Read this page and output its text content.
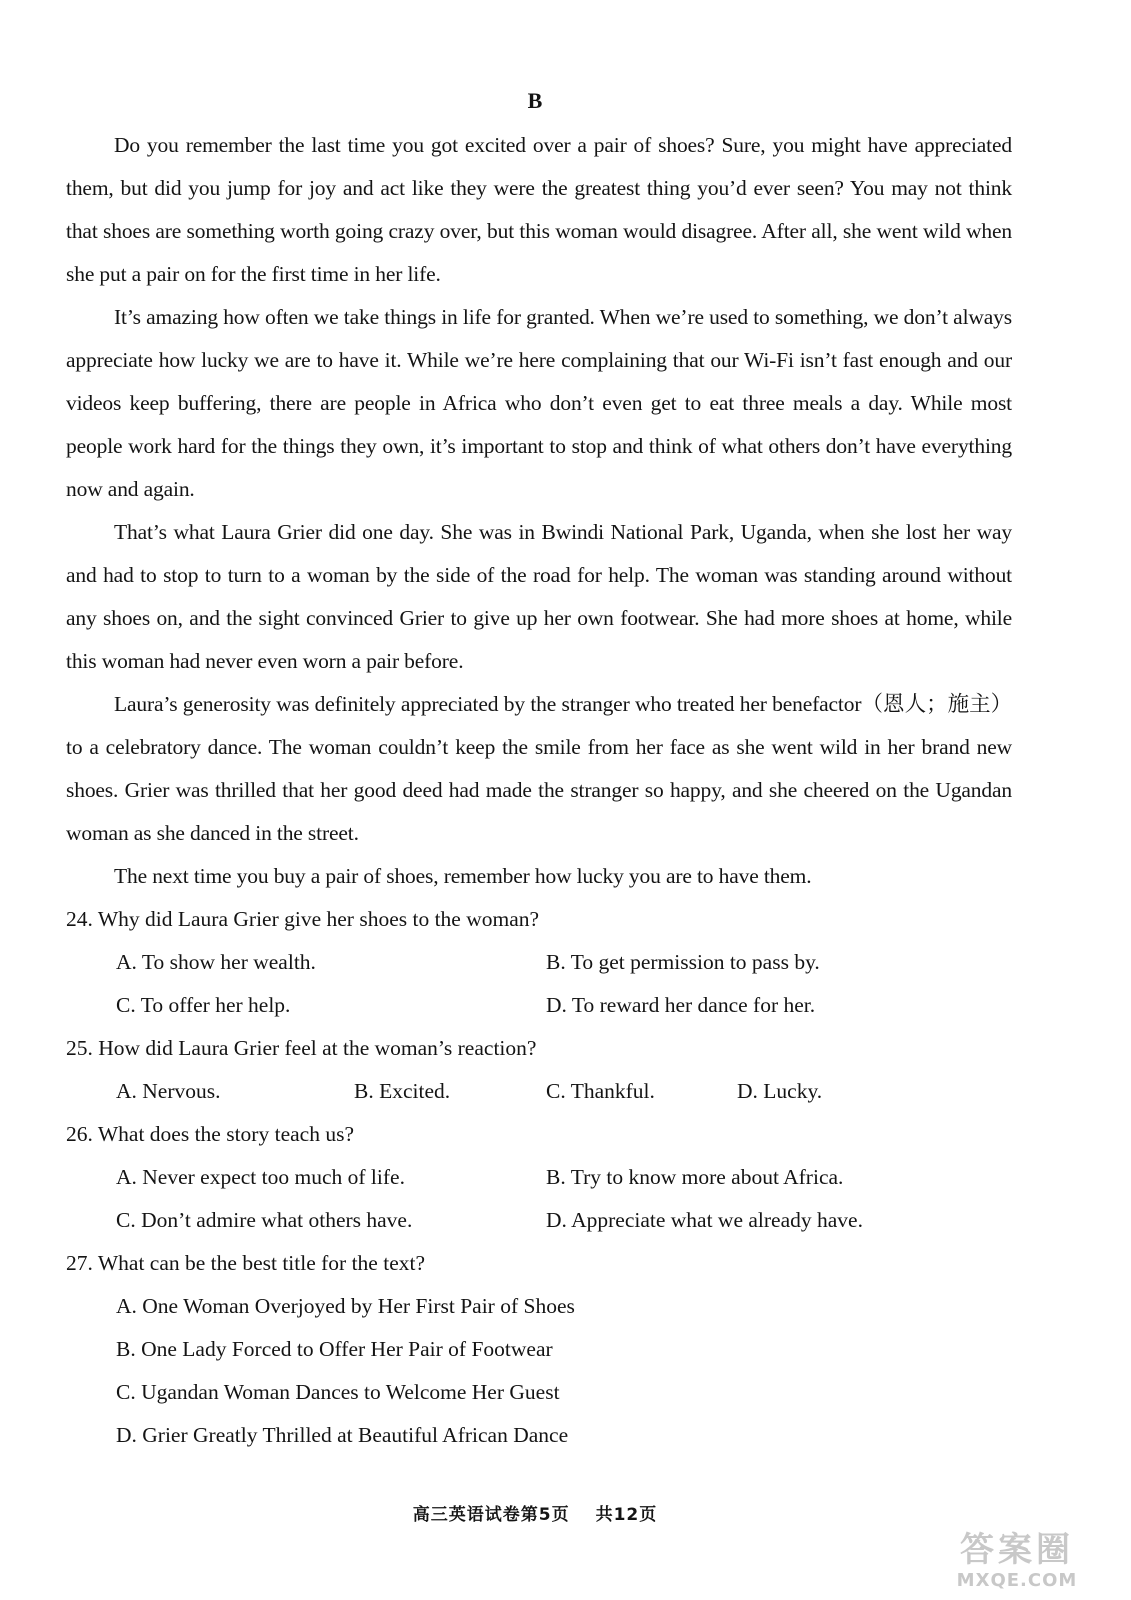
B

Do you remember the last time you got excited over a pair of shoes? Sure, you might have appreciated them, but did you jump for joy and act like they were the greatest thing you’d ever seen? You may not think that shoes are something worth going crazy over, but this woman would disagree. After all, she went wild when she put a pair on for the first time in her life.

It’s amazing how often we take things in life for granted. When we’re used to something, we don’t always appreciate how lucky we are to have it. While we’re here complaining that our Wi-Fi isn’t fast enough and our videos keep buffering, there are people in Africa who don’t even get to eat three meals a day. While most people work hard for the things they own, it’s important to stop and think of what others don’t have everything now and again.

That’s what Laura Grier did one day. She was in Bwindi National Park, Uganda, when she lost her way and had to stop to turn to a woman by the side of the road for help. The woman was standing around without any shoes on, and the sight convinced Grier to give up her own footwear. She had more shoes at home, while this woman had never even worn a pair before.

Laura’s generosity was definitely appreciated by the stranger who treated her benefactor（恩人；施主）to a celebratory dance. The woman couldn’t keep the smile from her face as she went wild in her brand new shoes. Grier was thrilled that her good deed had made the stranger so happy, and she cheered on the Ugandan woman as she danced in the street.

The next time you buy a pair of shoes, remember how lucky you are to have them.

24. Why did Laura Grier give her shoes to the woman?
A. To show her wealth.	B. To get permission to pass by.
C. To offer her help.	D. To reward her dance for her.
25. How did Laura Grier feel at the woman’s reaction?
A. Nervous.	B. Excited.	C. Thankful.	D. Lucky.
26. What does the story teach us?
A. Never expect too much of life.	B. Try to know more about Africa.
C. Don’t admire what others have.	D. Appreciate what we already have.
27. What can be the best title for the text?
A. One Woman Overjoyed by Her First Pair of Shoes
B. One Lady Forced to Offer Her Pair of Footwear
C. Ugandan Woman Dances to Welcome Her Guest
D. Grier Greatly Thrilled at Beautiful African Dance
高三英语试卷第5页 共12页
答案圈
MXQE.COM
